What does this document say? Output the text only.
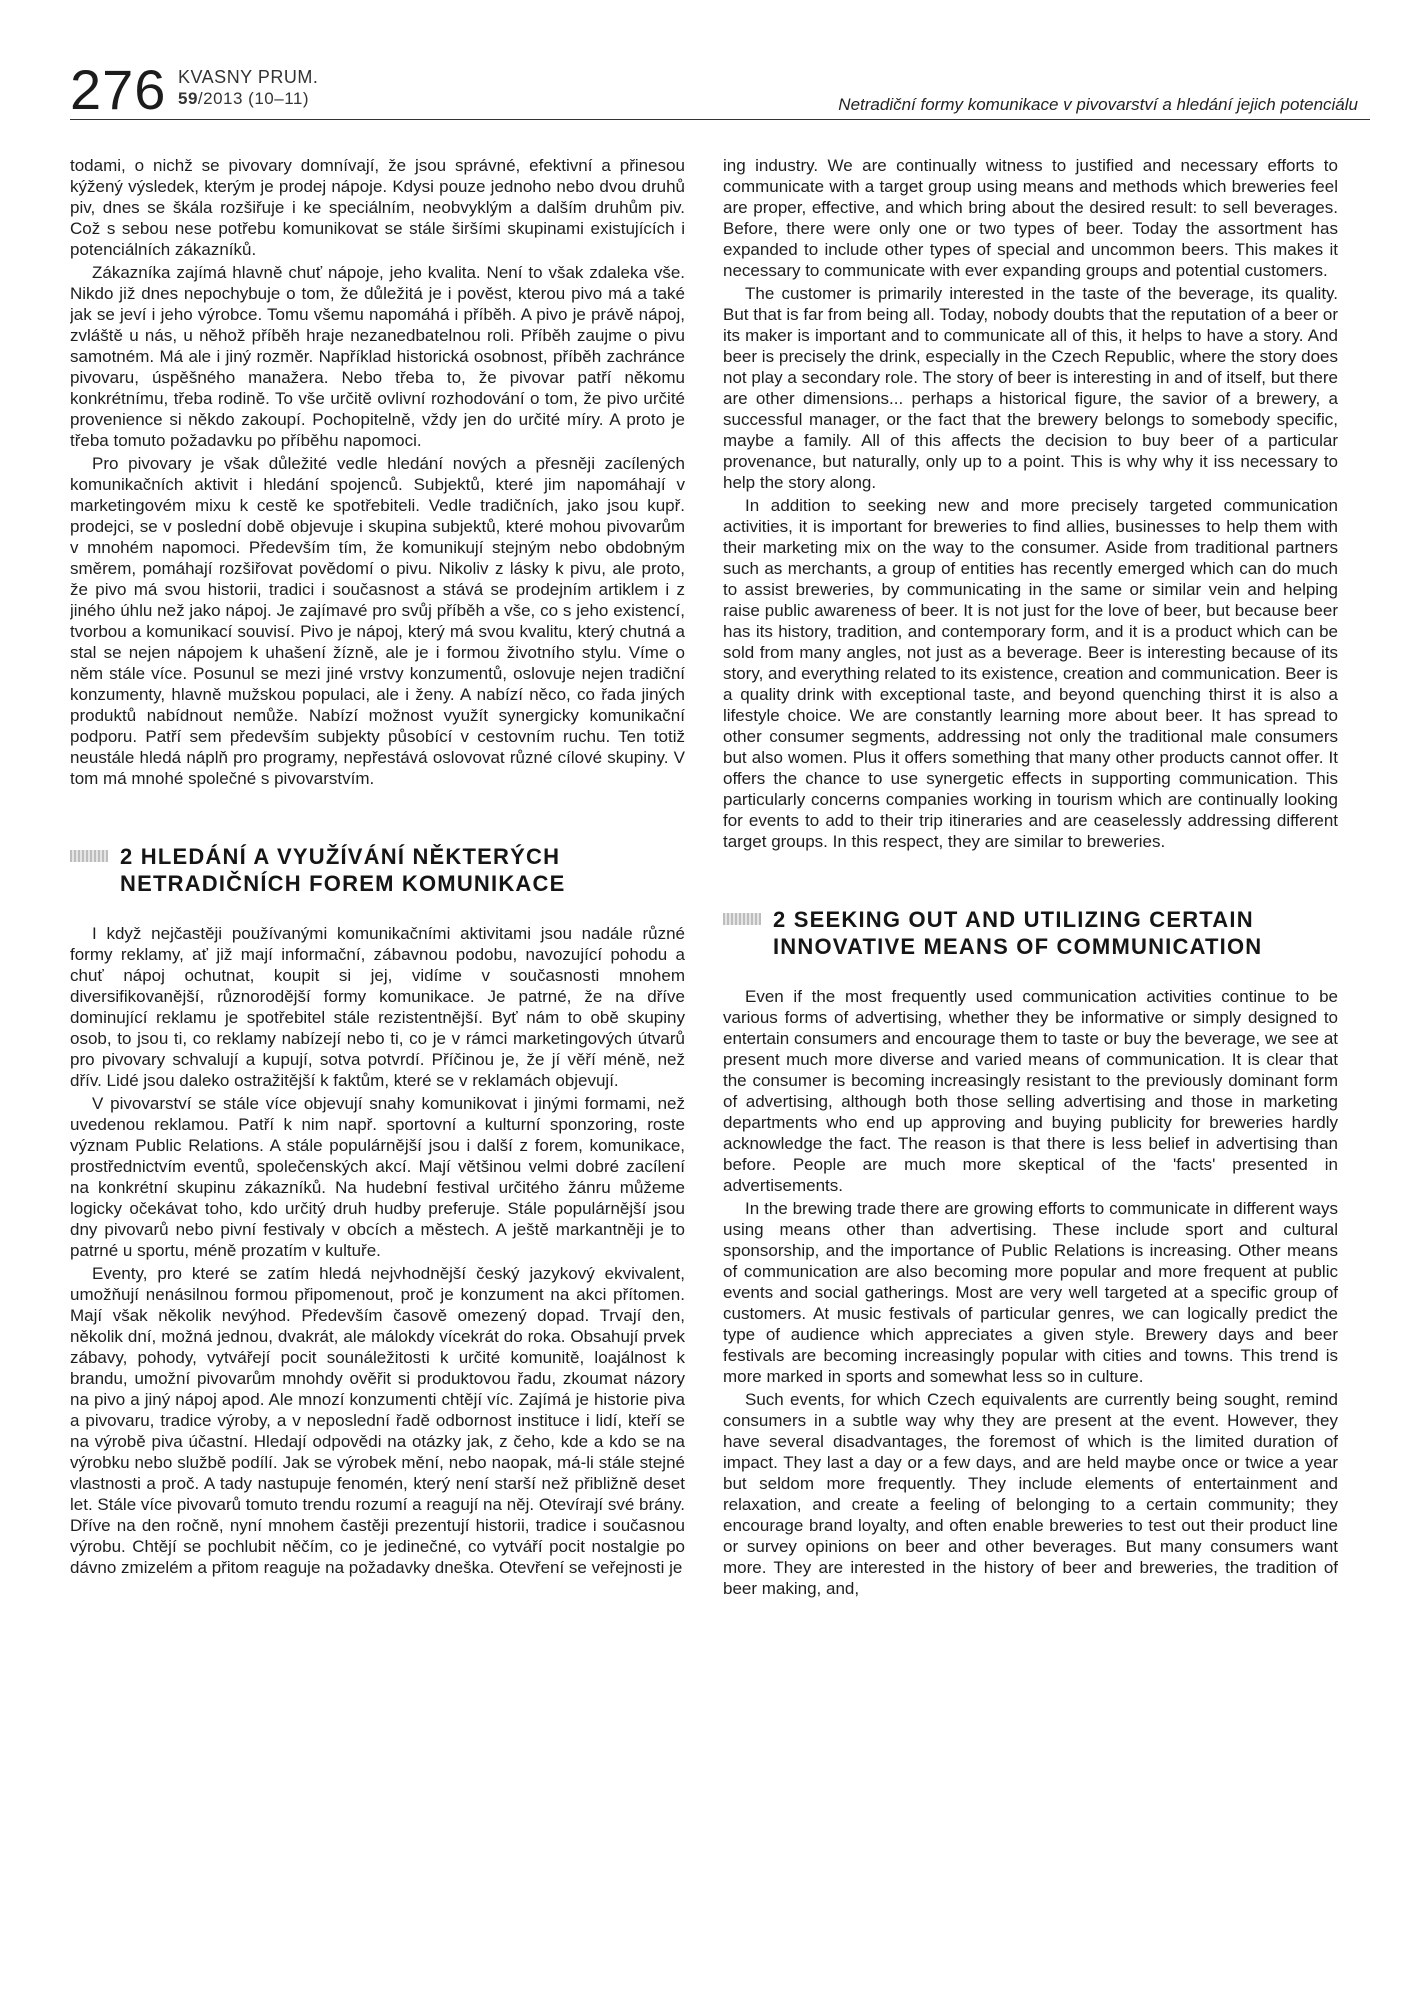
276 KVASNY PRUM.
59/2013 (10–11)	Netradiční formy komunikace v pivovarství a hledání jejich potenciálu

todami, o nichž se pivovary domnívají, že jsou správné, efektivní a přinesou kýžený výsledek, kterým je prodej nápoje. Kdysi pouze jednoho nebo dvou druhů piv, dnes se škála rozšiřuje i ke speciálním, neobvyklým a dalším druhům piv. Což s sebou nese potřebu komunikovat se stále širšími skupinami existujících i potenciálních zákazníků.

Zákazníka zajímá hlavně chuť nápoje, jeho kvalita. Není to však zdaleka vše. Nikdo již dnes nepochybuje o tom, že důležitá je i pověst, kterou pivo má a také jak se jeví i jeho výrobce. Tomu všemu napomáhá i příběh. A pivo je právě nápoj, zvláště u nás, u něhož příběh hraje nezanedbatelnou roli. Příběh zaujme o pivu samotném. Má ale i jiný rozměr. Například historická osobnost, příběh zachránce pivovaru, úspěšného manažera. Nebo třeba to, že pivovar patří někomu konkrétnímu, třeba rodině. To vše určitě ovlivní rozhodování o tom, že pivo určité provenience si někdo zakoupí. Pochopitelně, vždy jen do určité míry. A proto je třeba tomuto požadavku po příběhu napomoci.

Pro pivovary je však důležité vedle hledání nových a přesněji zacílených komunikačních aktivit i hledání spojenců. Subjektů, které jim napomáhají v marketingovém mixu k cestě ke spotřebiteli. Vedle tradičních, jako jsou kupř. prodejci, se v poslední době objevuje i skupina subjektů, které mohou pivovarům v mnohém napomoci. Především tím, že komunikují stejným nebo obdobným směrem, pomáhají rozšiřovat povědomí o pivu. Nikoliv z lásky k pivu, ale proto, že pivo má svou historii, tradici i současnost a stává se prodejním artiklem i z jiného úhlu než jako nápoj. Je zajímavé pro svůj příběh a vše, co s jeho existencí, tvorbou a komunikací souvisí. Pivo je nápoj, který má svou kvalitu, který chutná a stal se nejen nápojem k uhašení žízně, ale je i formou životního stylu. Víme o něm stále více. Posunul se mezi jiné vrstvy konzumentů, oslovuje nejen tradiční konzumenty, hlavně mužskou populaci, ale i ženy. A nabízí něco, co řada jiných produktů nabídnout nemůže. Nabízí možnost využít synergicky komunikační podporu. Patří sem především subjekty působící v cestovním ruchu. Ten totiž neustále hledá náplň pro programy, nepřestává oslovovat různé cílové skupiny. V tom má mnohé společné s pivovarstvím.

2 HLEDÁNÍ A VYUŽÍVÁNÍ NĚKTERÝCH NETRADIČNÍCH FOREM KOMUNIKACE

I když nejčastěji používanými komunikačními aktivitami jsou nadále různé formy reklamy, ať již mají informační, zábavnou podobu, navozující pohodu a chuť nápoj ochutnat, koupit si jej, vidíme v současnosti mnohem diversifikovanější, různorodější formy komunikace. Je patrné, že na dříve dominující reklamu je spotřebitel stále rezistentnější. Byť nám to obě skupiny osob, to jsou ti, co reklamy nabízejí nebo ti, co je v rámci marketingových útvarů pro pivovary schvalují a kupují, sotva potvrdí. Příčinou je, že jí věří méně, než dřív. Lidé jsou daleko ostražitější k faktům, které se v reklamách objevují.

V pivovarství se stále více objevují snahy komunikovat i jinými formami, než uvedenou reklamou. Patří k nim např. sportovní a kulturní sponzoring, roste význam Public Relations. A stále populárnější jsou i další z forem, komunikace, prostřednictvím eventů, společenských akcí. Mají většinou velmi dobré zacílení na konkrétní skupinu zákazníků. Na hudební festival určitého žánru můžeme logicky očekávat toho, kdo určitý druh hudby preferuje. Stále populárnější jsou dny pivovarů nebo pivní festivaly v obcích a městech. A ještě markantněji je to patrné u sportu, méně prozatím v kultuře.

Eventy, pro které se zatím hledá nejvhodnější český jazykový ekvivalent, umožňují nenásilnou formou připomenout, proč je konzument na akci přítomen. Mají však několik nevýhod. Především časově omezený dopad. Trvají den, několik dní, možná jednou, dvakrát, ale málokdy vícekrát do roka. Obsahují prvek zábavy, pohody, vytvářejí pocit sounáležitosti k určité komunitě, loajálnost k brandu, umožní pivovarům mnohdy ověřit si produktovou řadu, zkoumat názory na pivo a jiný nápoj apod. Ale mnozí konzumenti chtějí víc. Zajímá je historie piva a pivovaru, tradice výroby, a v neposlední řadě odbornost instituce i lidí, kteří se na výrobě piva účastní. Hledají odpovědi na otázky jak, z čeho, kde a kdo se na výrobku nebo službě podílí. Jak se výrobek mění, nebo naopak, má-li stále stejné vlastnosti a proč. A tady nastupuje fenomén, který není starší než přibližně deset let. Stále více pivovarů tomuto trendu rozumí a reagují na něj. Otevírají své brány. Dříve na den ročně, nyní mnohem častěji prezentují historii, tradice i současnou výrobu. Chtějí se pochlubit něčím, co je jedinečné, co vytváří pocit nostalgie po dávno zmizelém a přitom reaguje na požadavky dneška. Otevření se veřejnosti je

ing industry. We are continually witness to justified and necessary efforts to communicate with a target group using means and methods which breweries feel are proper, effective, and which bring about the desired result: to sell beverages. Before, there were only one or two types of beer. Today the assortment has expanded to include other types of special and uncommon beers. This makes it necessary to communicate with ever expanding groups and potential customers.

The customer is primarily interested in the taste of the beverage, its quality. But that is far from being all. Today, nobody doubts that the reputation of a beer or its maker is important and to communicate all of this, it helps to have a story. And beer is precisely the drink, especially in the Czech Republic, where the story does not play a secondary role. The story of beer is interesting in and of itself, but there are other dimensions... perhaps a historical figure, the savior of a brewery, a successful manager, or the fact that the brewery belongs to somebody specific, maybe a family. All of this affects the decision to buy beer of a particular provenance, but naturally, only up to a point. This is why why it iss necessary to help the story along.

In addition to seeking new and more precisely targeted communication activities, it is important for breweries to find allies, businesses to help them with their marketing mix on the way to the consumer. Aside from traditional partners such as merchants, a group of entities has recently emerged which can do much to assist breweries, by communicating in the same or similar vein and helping raise public awareness of beer. It is not just for the love of beer, but because beer has its history, tradition, and contemporary form, and it is a product which can be sold from many angles, not just as a beverage. Beer is interesting because of its story, and everything related to its existence, creation and communication. Beer is a quality drink with exceptional taste, and beyond quenching thirst it is also a lifestyle choice. We are constantly learning more about beer. It has spread to other consumer segments, addressing not only the traditional male consumers but also women. Plus it offers something that many other products cannot offer. It offers the chance to use synergetic effects in supporting communication. This particularly concerns companies working in tourism which are continually looking for events to add to their trip itineraries and are ceaselessly addressing different target groups. In this respect, they are similar to breweries.

2 SEEKING OUT AND UTILIZING CERTAIN INNOVATIVE MEANS OF COMMUNICATION

Even if the most frequently used communication activities continue to be various forms of advertising, whether they be informative or simply designed to entertain consumers and encourage them to taste or buy the beverage, we see at present much more diverse and varied means of communication. It is clear that the consumer is becoming increasingly resistant to the previously dominant form of advertising, although both those selling advertising and those in marketing departments who end up approving and buying publicity for breweries hardly acknowledge the fact. The reason is that there is less belief in advertising than before. People are much more skeptical of the 'facts' presented in advertisements.

In the brewing trade there are growing efforts to communicate in different ways using means other than advertising. These include sport and cultural sponsorship, and the importance of Public Relations is increasing. Other means of communication are also becoming more popular and more frequent at public events and social gatherings. Most are very well targeted at a specific group of customers. At music festivals of particular genres, we can logically predict the type of audience which appreciates a given style. Brewery days and beer festivals are becoming increasingly popular with cities and towns. This trend is more marked in sports and somewhat less so in culture.

Such events, for which Czech equivalents are currently being sought, remind consumers in a subtle way why they are present at the event. However, they have several disadvantages, the foremost of which is the limited duration of impact. They last a day or a few days, and are held maybe once or twice a year but seldom more frequently. They include elements of entertainment and relaxation, and create a feeling of belonging to a certain community; they encourage brand loyalty, and often enable breweries to test out their product line or survey opinions on beer and other beverages. But many consumers want more. They are interested in the history of beer and breweries, the tradition of beer making, and,
